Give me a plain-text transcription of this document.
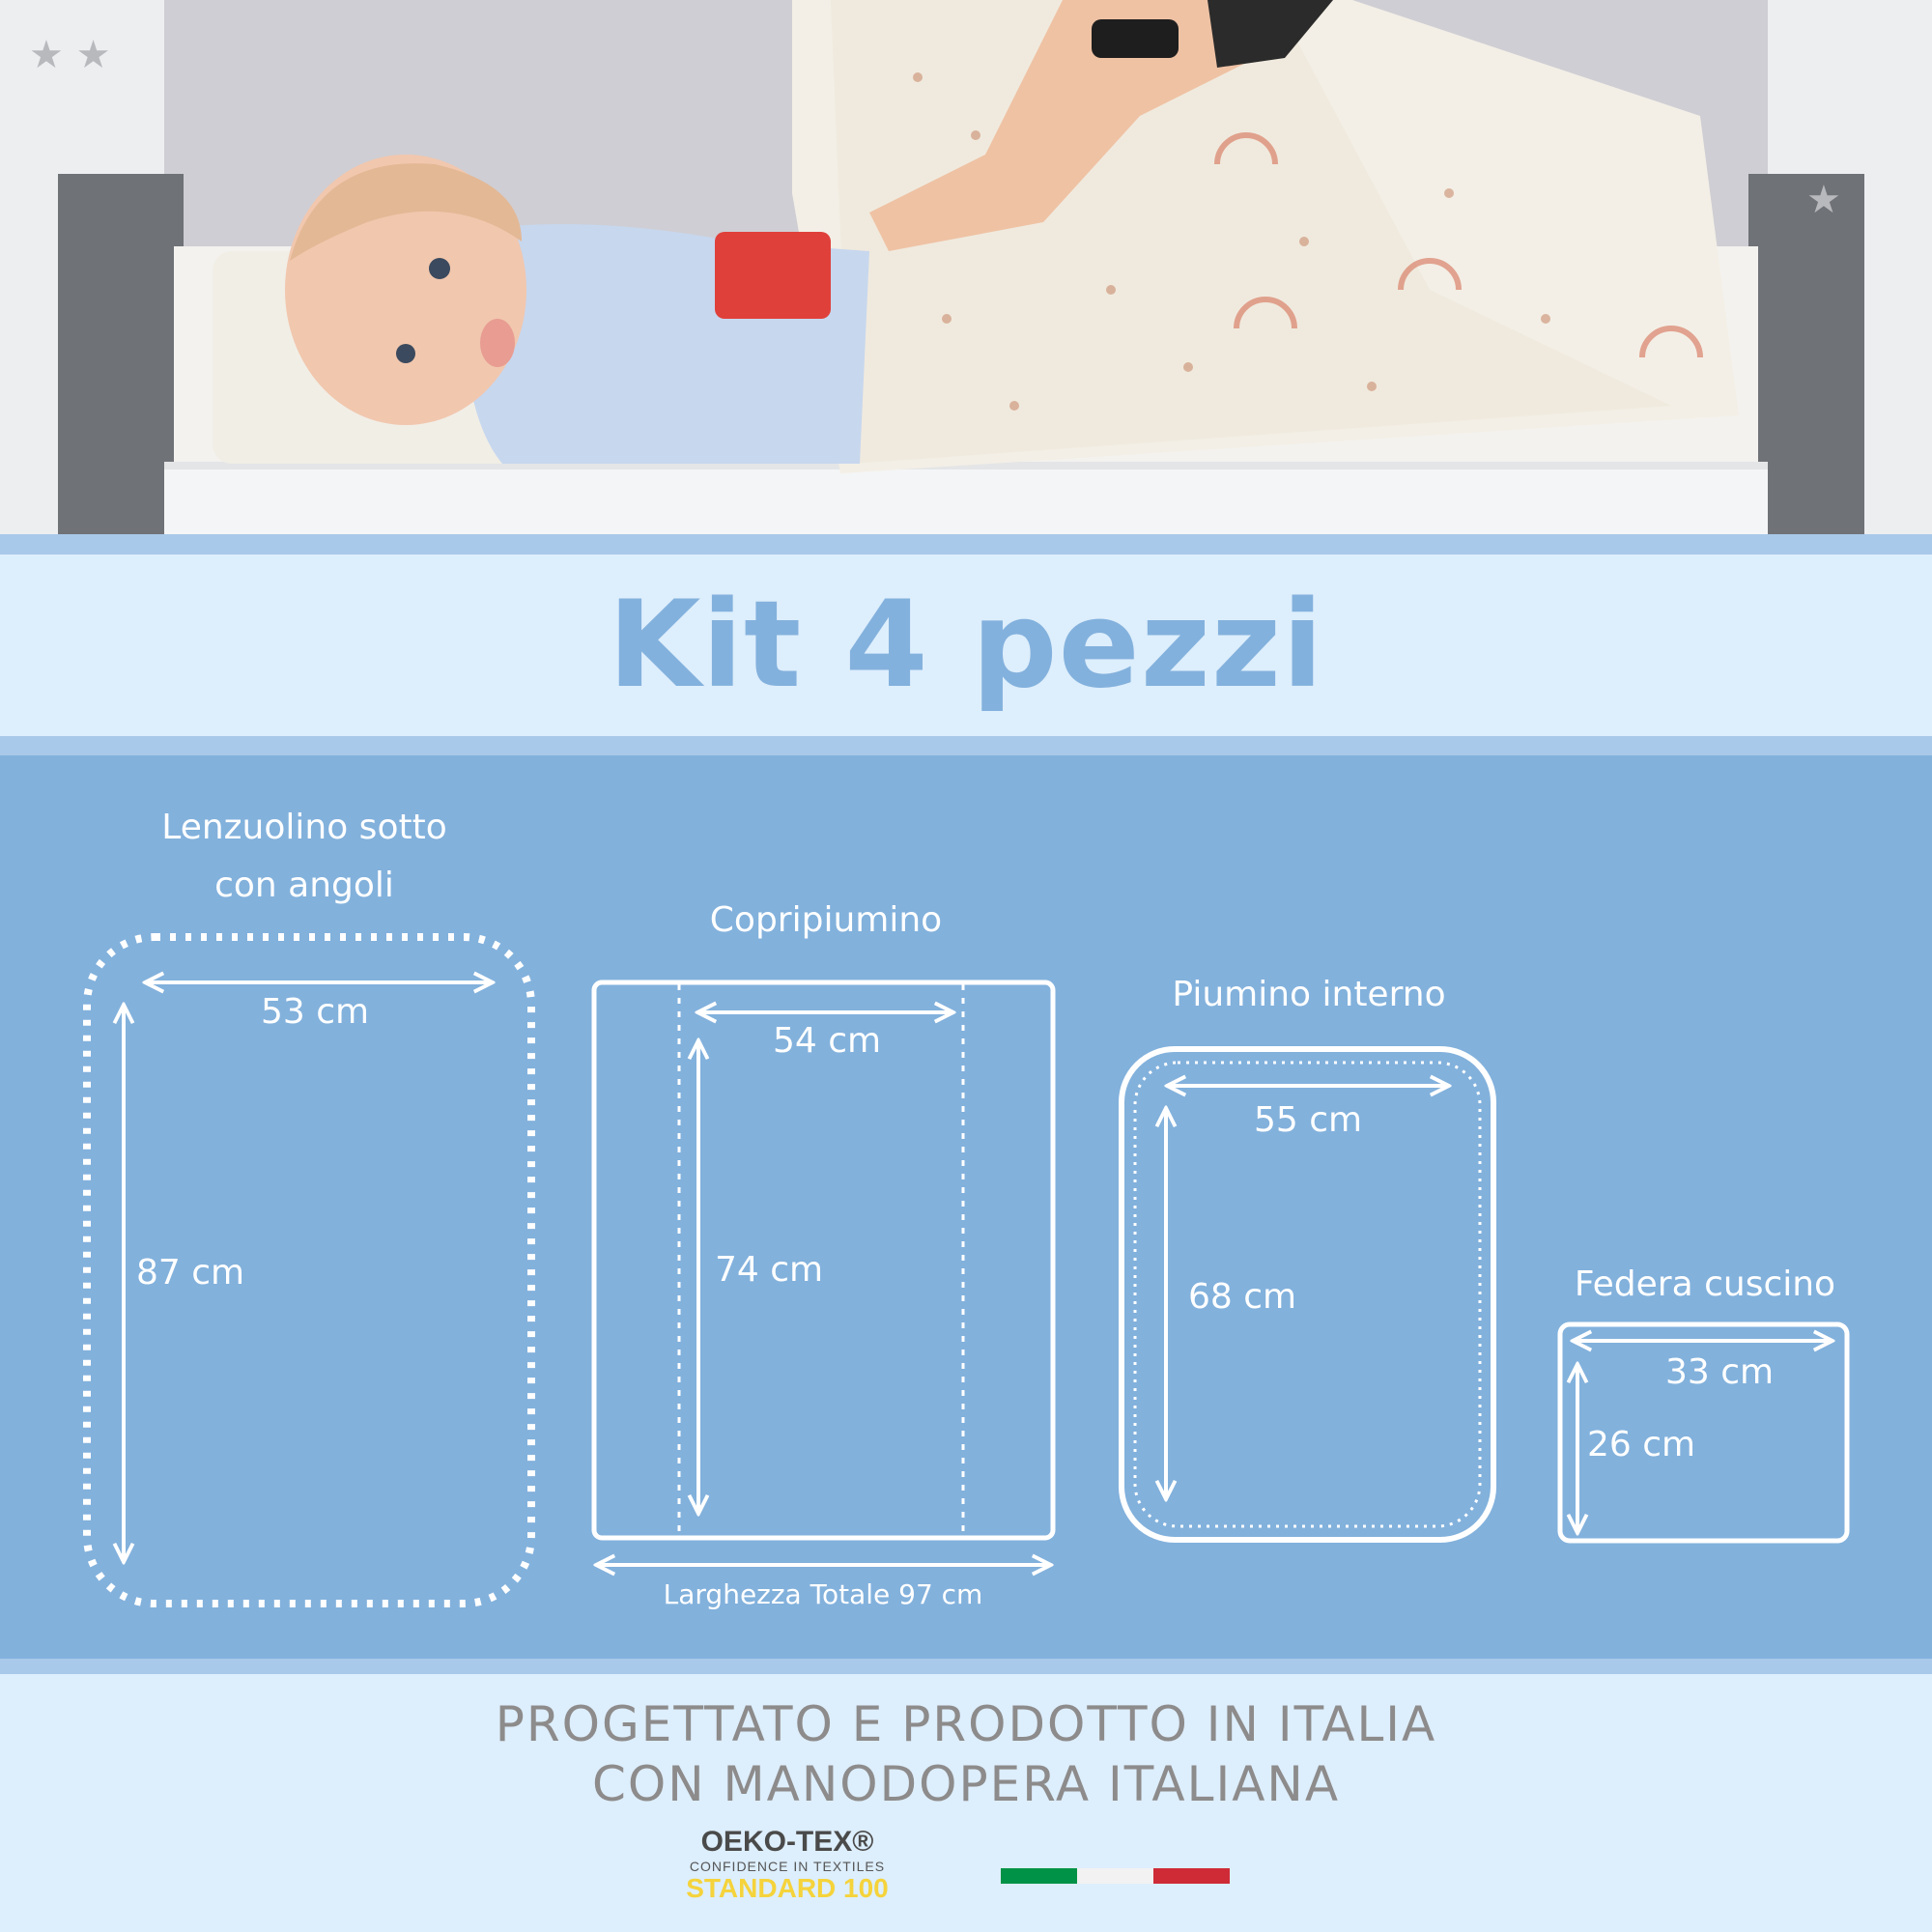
★ ★
★
Kit 4 pezzi
Lenzuolino sotto
con angoli
53 cm
87 cm
Copripiumino
54 cm
74 cm
Larghezza Totale 97 cm
Piumino interno
55 cm
68 cm	Federa cuscino
33 cm
26 cm
PROGETTATO E PRODOTTO IN ITALIA
CON MANODOPERA ITALIANA
OEKO-TEX®
CONFIDENCE IN TEXTILES
STANDARD 100
